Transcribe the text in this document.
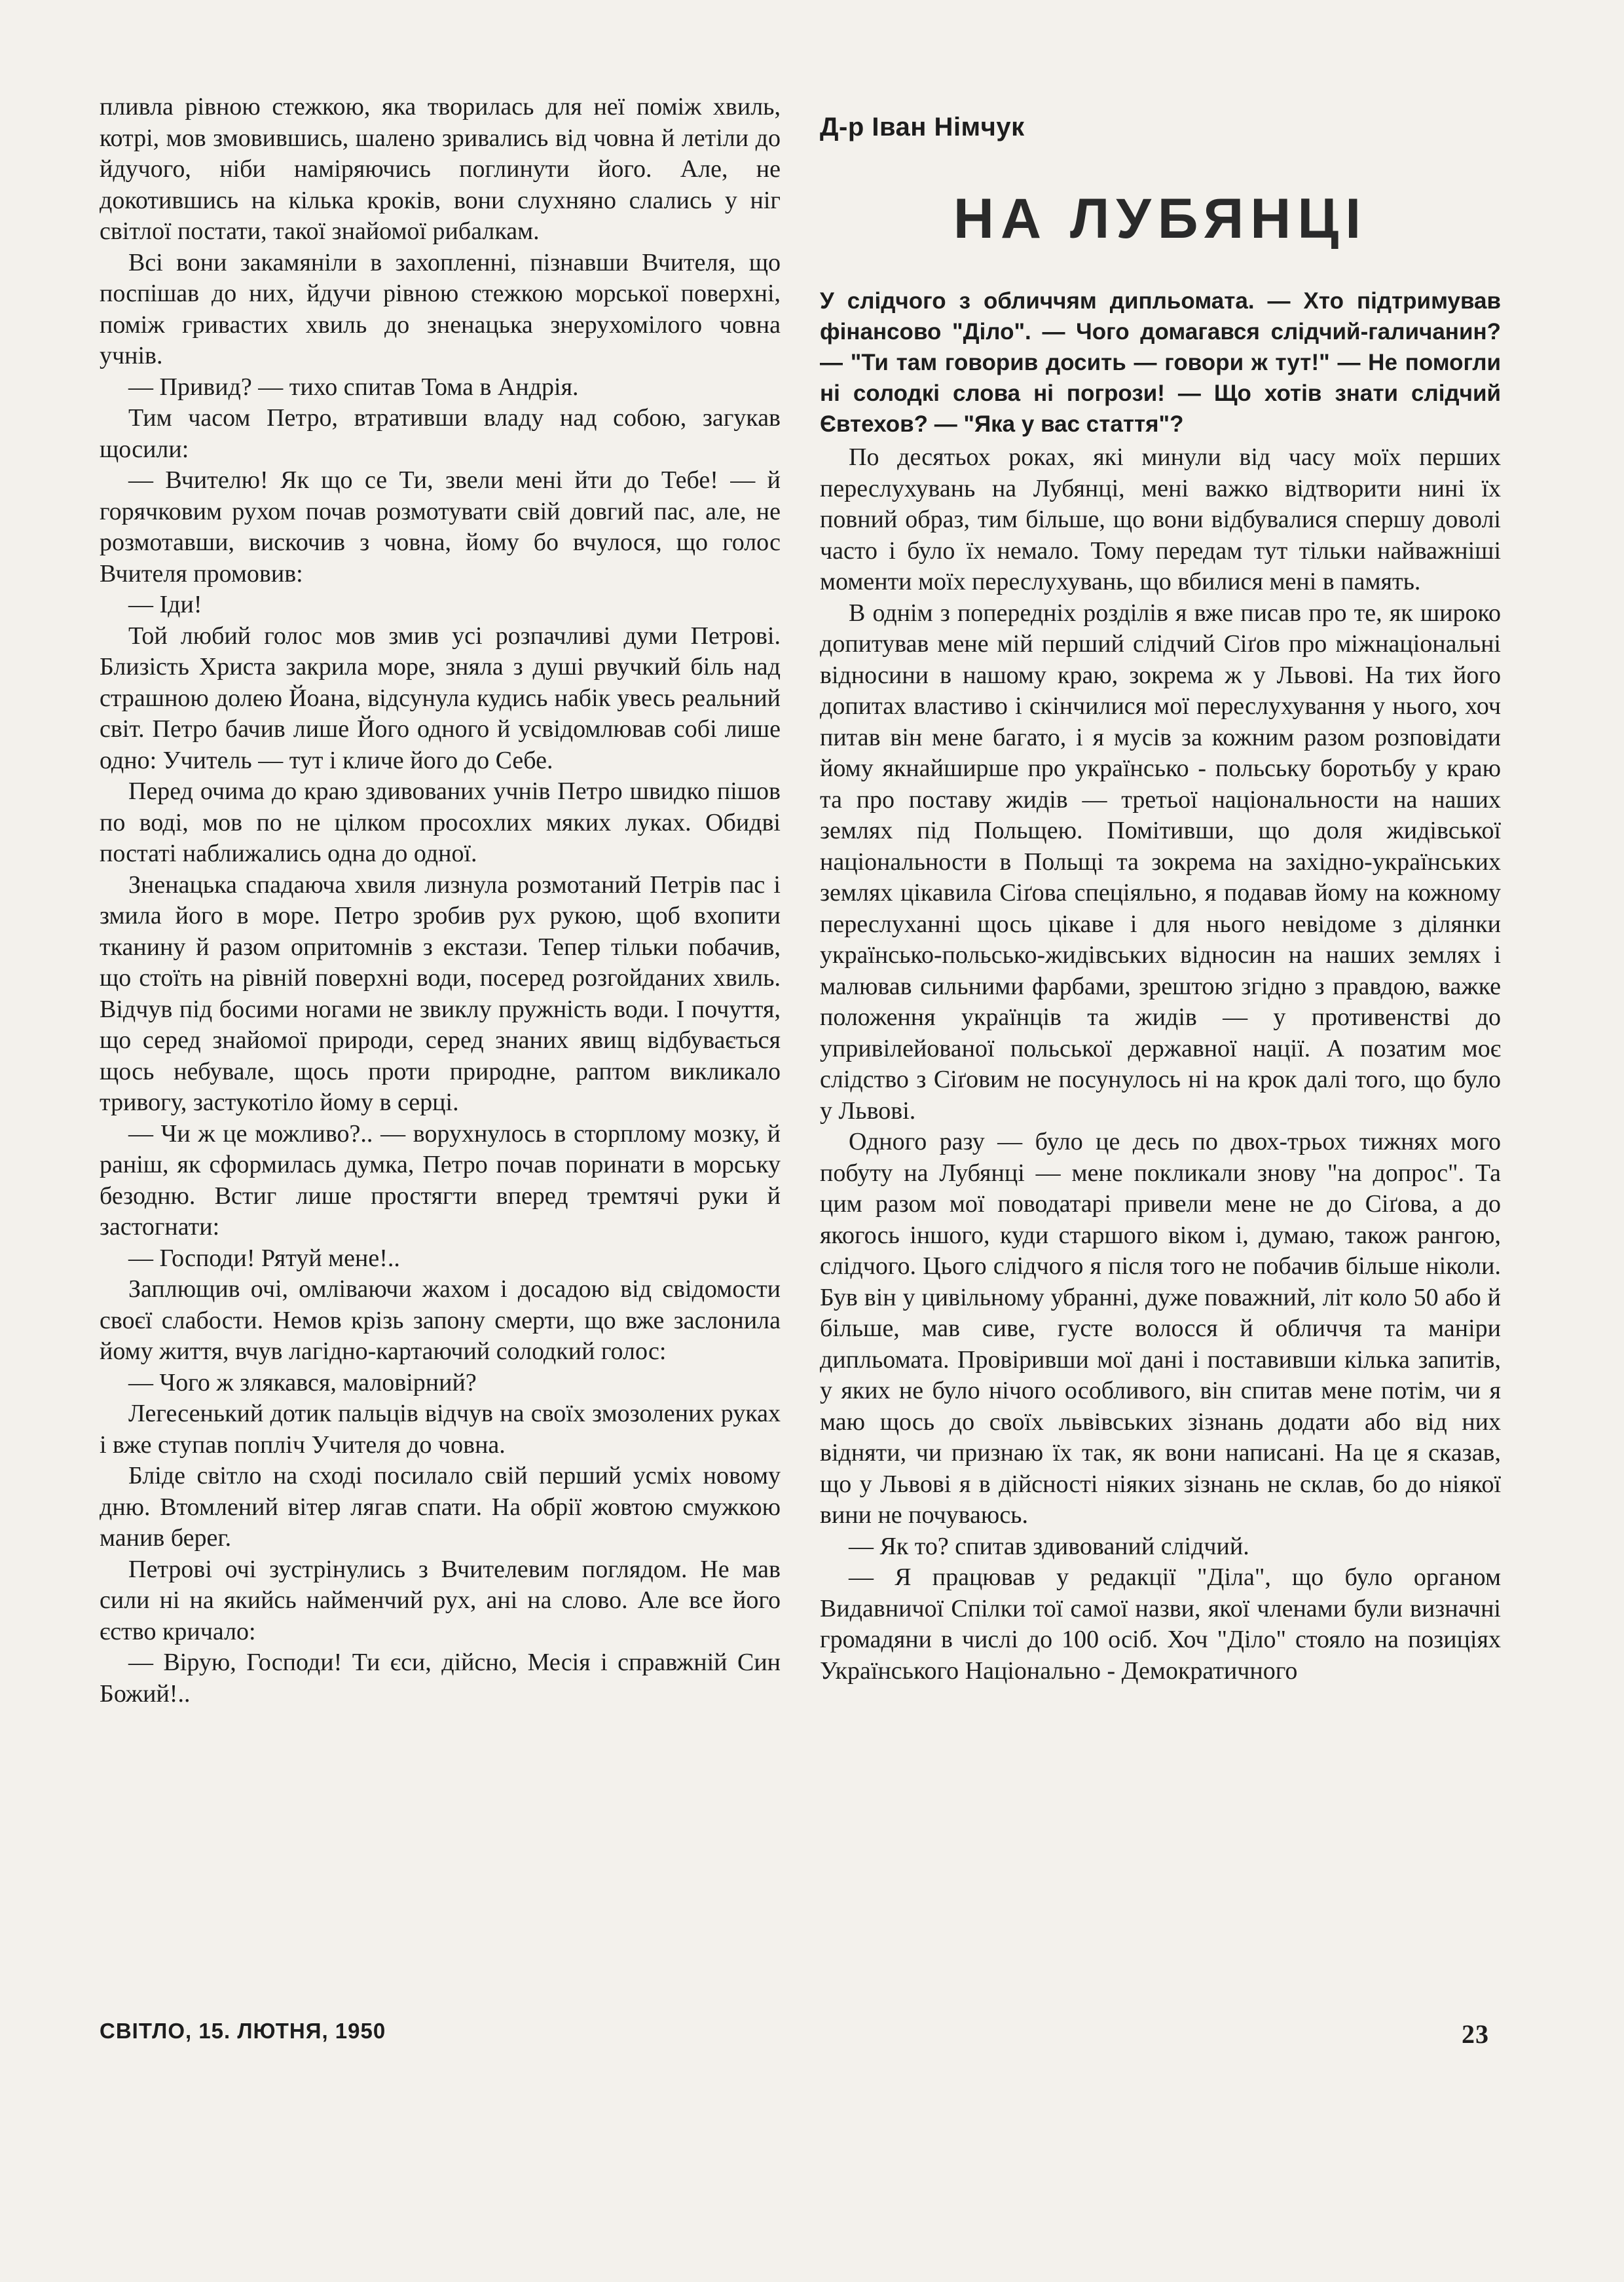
пливла рівною стежкою, яка творилась для неї поміж хвиль, котрі, мов змовившись, шалено зривались від човна й летіли до йдучого, ніби наміряючись поглинути його. Але, не докотившись на кілька кроків, вони слухняно слались у ніг світлої постати, такої знайомої рибалкам.

Всі вони закамяніли в захопленні, пізнавши Вчителя, що поспішав до них, йдучи рівною стежкою морської поверхні, поміж гривастих хвиль до зненацька знерухомілого човна учнів.

— Привид? — тихо спитав Тома в Андрія.

Тим часом Петро, втративши владу над собою, загукав щосили:

— Вчителю! Як що се Ти, звели мені йти до Тебе! — й горячковим рухом почав розмотувати свій довгий пас, але, не розмотавши, вискочив з човна, йому бо вчулося, що голос Вчителя промовив:

— Іди!

Той любий голос мов змив усі розпачливі думи Петрові. Близість Христа закрила море, зняла з душі рвучкий біль над страшною долею Йоана, відсунула кудись набік увесь реальний світ. Петро бачив лише Його одного й усвідомлював собі лише одно: Учитель — тут і кличе його до Себе.

Перед очима до краю здивованих учнів Петро швидко пішов по воді, мов по не цілком просохлих мяких луках. Обидві постаті наближались одна до одної.

Зненацька спадаюча хвиля лизнула розмотаний Петрів пас і змила його в море. Петро зробив рух рукою, щоб вхопити тканину й разом опритомнів з екстази. Тепер тільки побачив, що стоїть на рівній поверхні води, посеред розгойданих хвиль. Відчув під босими ногами не звиклу пружність води. І почуття, що серед знайомої природи, серед знаних явищ відбувається щось небувале, щось проти природне, раптом викликало тривогу, застукотіло йому в серці.

— Чи ж це можливо?.. — ворухнулось в сторплому мозку, й раніш, як сформилась думка, Петро почав поринати в морську безодню. Встиг лише простягти вперед тремтячі руки й застогнати:

— Господи! Рятуй мене!..

Заплющив очі, омліваючи жахом і досадою від свідомости своєї слабости. Немов крізь запону смерти, що вже заслонила йому життя, вчув лагідно-картаючий солодкий голос:

— Чого ж злякався, маловірний?

Легесенький дотик пальців відчув на своїх змозолених руках і вже ступав попліч Учителя до човна.

Бліде світло на сході посилало свій перший усміх новому дню. Втомлений вітер лягав спати. На обрії жовтою смужкою манив берег.

Петрові очі зустрінулись з Вчителевим поглядом. Не мав сили ні на якийсь найменчий рух, ані на слово. Але все його єство кричало:

— Вірую, Господи! Ти єси, дійсно, Месія і справжній Син Божий!..

Д-р Іван Німчук

НА ЛУБЯНЦІ

У слідчого з обличчям дипльомата. — Хто підтримував фінансово "Діло". — Чого домагався слідчий-галичанин? — "Ти там говорив досить — говори ж тут!" — Не помогли ні солодкі слова ні погрози! — Що хотів знати слідчий Євтехов? — "Яка у вас стаття"?

По десятьох роках, які минули від часу моїх перших переслухувань на Лубянці, мені важко відтворити нині їх повний образ, тим більше, що вони відбувалися спершу доволі часто і було їх немало. Тому передам тут тільки найважніші моменти моїх переслухувань, що вбилися мені в память.

В однім з попередніх розділів я вже писав про те, як широко допитував мене мій перший слідчий Сіґов про міжнаціональні відносини в нашому краю, зокрема ж у Львові. На тих його допитах властиво і скінчилися мої переслухування у нього, хоч питав він мене багато, і я мусів за кожним разом розповідати йому якнайширше про українсько - польську боротьбу у краю та про поставу жидів — третьої національности на наших землях під Польщею. Помітивши, що доля жидівської національности в Польщі та зокрема на західно-українських землях цікавила Сіґова спеціяльно, я подавав йому на кожному переслуханні щось цікаве і для нього невідоме з ділянки українсько-польсько-жидівських відносин на наших землях і малював сильними фарбами, зрештою згідно з правдою, важке положення українців та жидів — у противенстві до упривілейованої польської державної нації. А позатим моє слідство з Сіґовим не посунулось ні на крок далі того, що було у Львові.

Одного разу — було це десь по двох-трьох тижнях мого побуту на Лубянці — мене покликали знову "на допрос". Та цим разом мої поводатарі привели мене не до Сіґова, а до якогось іншого, куди старшого віком і, думаю, також рангою, слідчого. Цього слідчого я після того не побачив більше ніколи. Був він у цивільному убранні, дуже поважний, літ коло 50 або й більше, мав сиве, густе волосся й обличчя та маніри дипльомата. Провіривши мої дані і поставивши кілька запитів, у яких не було нічого особливого, він спитав мене потім, чи я маю щось до своїх львівських зізнань додати або від них відняти, чи признаю їх так, як вони написані. На це я сказав, що у Львові я в дійсності ніяких зізнань не склав, бо до ніякої вини не почуваюсь.

— Як то? спитав здивований слідчий.

— Я працював у редакції "Діла", що було органом Видавничої Спілки тої самої назви, якої членами були визначні громадяни в числі до 100 осіб. Хоч "Діло" стояло на позиціях Українського Національно - Демократичного

СВІТЛО, 15. ЛЮТНЯ, 1950	23
